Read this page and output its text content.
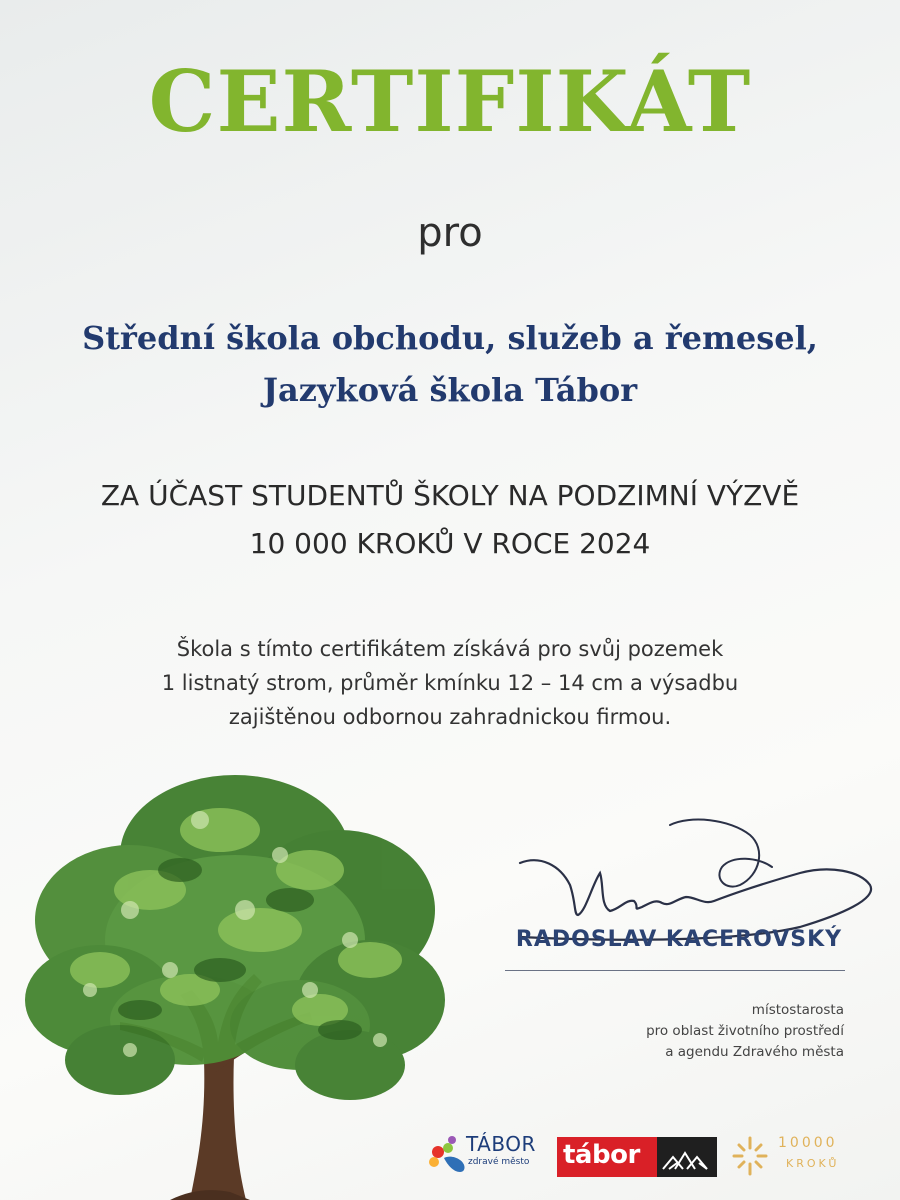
CERTIFIKÁT
pro
Střední škola obchodu, služeb a řemesel,
Jazyková škola Tábor
ZA ÚČAST STUDENTŮ ŠKOLY NA PODZIMNÍ VÝZVĚ
10 000 KROKŮ V ROCE 2024
Škola s tímto certifikátem získává pro svůj pozemek
1 listnatý strom, průměr kmínku 12 – 14 cm a výsadbu
zajištěnou odbornou zahradnickou firmou.
RADOSLAV KACEROVSKÝ
místostarosta
pro oblast životního prostředí
a agendu Zdravého města
TÁBOR
zdravé město tábor	10000
KROKŮ
